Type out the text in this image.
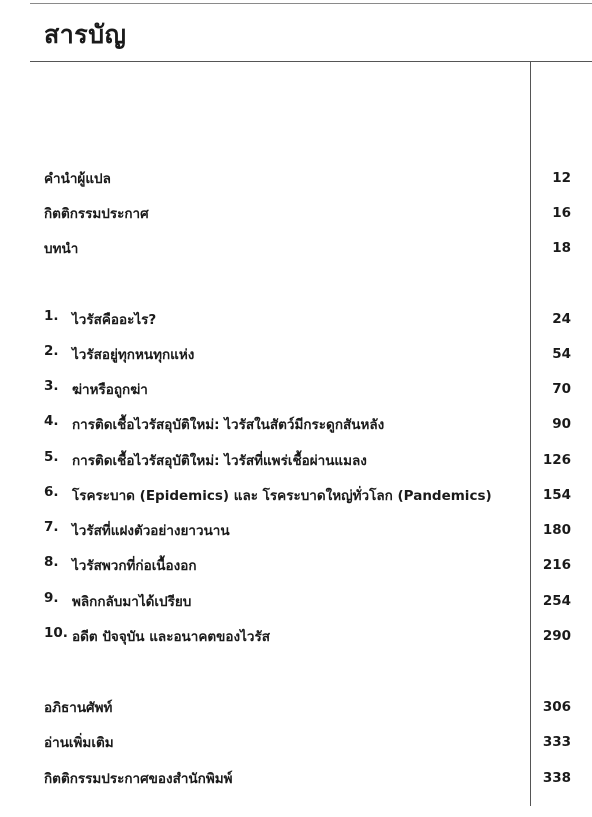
สารบัญ
คำนำผู้แปล	12
กิตติกรรมประกาศ	16
บทนำ	18
1. ไวรัสคืออะไร?	24
2. ไวรัสอยู่ทุกหนทุกแห่ง	54
3. ฆ่าหรือถูกฆ่า	70
4. การติดเชื้อไวรัสอุบัติใหม่: ไวรัสในสัตว์มีกระดูกสันหลัง	90
5. การติดเชื้อไวรัสอุบัติใหม่: ไวรัสที่แพร่เชื้อผ่านแมลง	126
6. โรคระบาด (Epidemics) และ โรคระบาดใหญ่ทั่วโลก (Pandemics)	154
7. ไวรัสที่แฝงตัวอย่างยาวนาน	180
8. ไวรัสพวกที่ก่อเนื้องอก	216
9. พลิกกลับมาได้เปรียบ	254
10. อดีต ปัจจุบัน และอนาคตของไวรัส	290
อภิธานศัพท์	306
อ่านเพิ่มเติม	333
กิตติกรรมประกาศของสำนักพิมพ์	338
